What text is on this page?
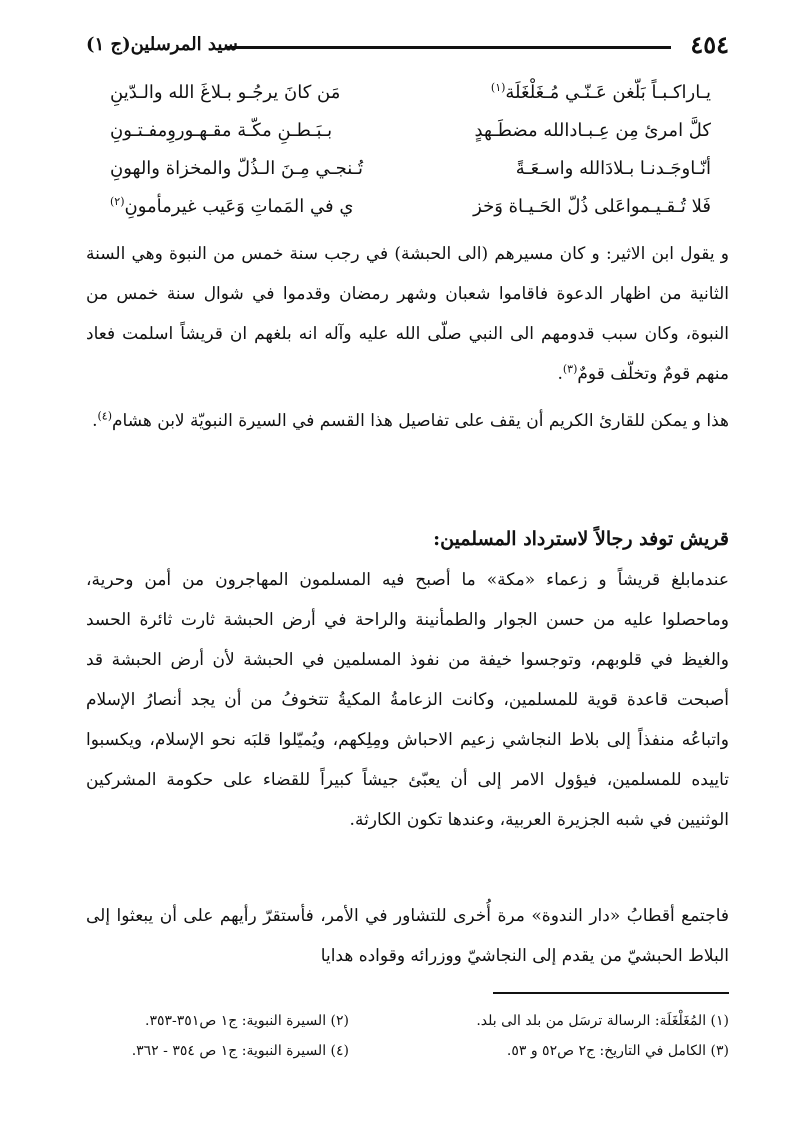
٤٥٤
سيد المرسلين(ج ١)
يـاراكـبـاً بَلّغن عَـنّـي مُـغَلْغَلَة$^{(١)}$
مَن كانَ يرجُـو بـلاغَ الله والـدّينِ
كلَّ امرئ مِن عِـبـادالله مضطَـهدٍ
بـبَـطـنِ مكّـة مقـهـوروِمفـتـونِ
أنّـاوجَـدنـا بـلادَالله واسـعَـةً
تُـنجـي مِـنَ الـذُلّ والمخزاة والهونِ
فَلا تُـقـيـمواعَلى ذُلّ الحَـيـاة وَخز
ي في المَماتِ وَعَيب غيرمأمونِ$^{(٢)}$

و يقول ابن الاثير: و كان مسيرهم (الى الحبشة) في رجب سنة خمس من النبوة وهي السنة الثانية من اظهار الدعوة فاقاموا شعبان وشهر رمضان وقدموا في شوال سنة خمس من النبوة، وكان سبب قدومهم الى النبي صلّى الله عليه وآله انه بلغهم ان قريشاً اسلمت فعاد منهم قومٌ وتخلّف قومٌ$^{(٣)}$.

هذا و يمكن للقارئ الكريم أن يقف على تفاصيل هذا القسم في السيرة النبويّة لابن هشام$^{(٤)}$.

قريش توفد رجالاً لاسترداد المسلمين:

عندمابلغ قريشاً و زعماء «مكة» ما أصبح فيه المسلمون المهاجرون من أمن وحرية، وماحصلوا عليه من حسن الجوار والطمأنينة والراحة في أرض الحبشة ثارت ثائرة الحسد والغيظ في قلوبهم، وتوجسوا خيفة من نفوذ المسلمين في الحبشة لأن أرض الحبشة قد أصبحت قاعدة قوية للمسلمين، وكانت الزعامةُ المكيةُ تتخوفُ من أن يجد أنصارُ الإسلام واتباعُه منفذاً إلى بلاط النجاشي زعيم الاحباش ومِلِكهم، ويُميّلوا قلبَه نحو الإسلام، ويكسبوا تاييده للمسلمين، فيؤول الامر إلى أن يعبّئ جيشاً كبيراً للقضاء على حكومة المشركين الوثنيين في شبه الجزيرة العربية، وعندها تكون الكارثة.

فاجتمع أقطابُ «دار الندوة» مرة أُخرى للتشاور في الأمر، فأستقرّ رأيهم على أن يبعثوا إلى البلاط الحبشيّ من يقدم إلى النجاشيّ ووزرائه وقواده هدايا

(١) المُغَلْغَلَة: الرسالة ترسَل من بلد الى بلد.
(٢) السيرة النبوية: ج١ ص٣٥١-٣٥٣.
(٣) الكامل في التاريخ: ج٢ ص٥٢ و ٥٣.
(٤) السيرة النبوية: ج١ ص ٣٥٤ - ٣٦٢.
